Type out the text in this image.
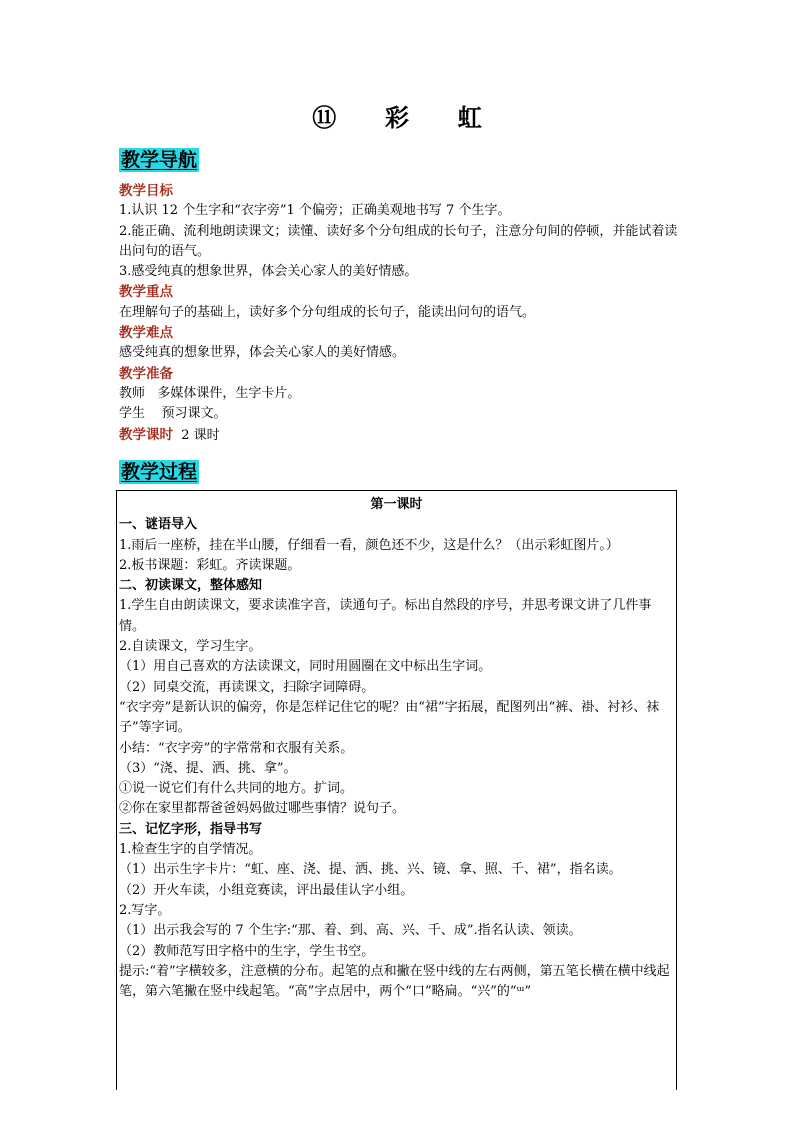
⑪ 彩 虹
教学导航

教学目标

1.认识 12 个生字和“衣字旁”1 个偏旁；正确美观地书写 7 个生字。

2.能正确、流利地朗读课文；读懂、读好多个分句组成的长句子，注意分句间的停顿，并能试着读出问句的语气。

3.感受纯真的想象世界，体会关心家人的美好情感。

教学重点

在理解句子的基础上，读好多个分句组成的长句子，能读出问句的语气。

教学难点

感受纯真的想象世界，体会关心家人的美好情感。

教学准备

教师   多媒体课件，生字卡片。

学生    预习课文。

教学课时  2 课时

教学过程

第一课时

一、谜语导入

1.雨后一座桥，挂在半山腰，仔细看一看，颜色还不少，这是什么？（出示彩虹图片。）

2.板书课题：彩虹。齐读课题。

二、初读课文，整体感知

1.学生自由朗读课文，要求读准字音，读通句子。标出自然段的序号，并思考课文讲了几件事情。

2.自读课文，学习生字。

（1）用自己喜欢的方法读课文，同时用圆圈在文中标出生字词。

（2）同桌交流，再读课文，扫除字词障碍。

“衣字旁”是新认识的偏旁，你是怎样记住它的呢？由“裙”字拓展，配图列出“裤、褂、衬衫、袜子”等字词。

小结：“衣字旁”的字常常和衣服有关系。

（3）“浇、提、洒、挑、拿”。

①说一说它们有什么共同的地方。扩词。

②你在家里都帮爸爸妈妈做过哪些事情？说句子。

三、记忆字形，指导书写

1.检查生字的自学情况。

（1）出示生字卡片：“虹、座、浇、提、洒、挑、兴、镜、拿、照、千、裙”，指名读。

（2）开火车读，小组竞赛读，评出最佳认字小组。

2.写字。

（1）出示我会写的 7 个生字:“那、着、到、高、兴、千、成”.指名认读、领读。

（2）教师范写田字格中的生字，学生书空。

提示:“着”字横较多，注意横的分布。起笔的点和撇在竖中线的左右两侧，第五笔长横在横中线起笔，第六笔撇在竖中线起笔。“高”字点居中，两个“口”略扁。“兴”的“ᵚ”
